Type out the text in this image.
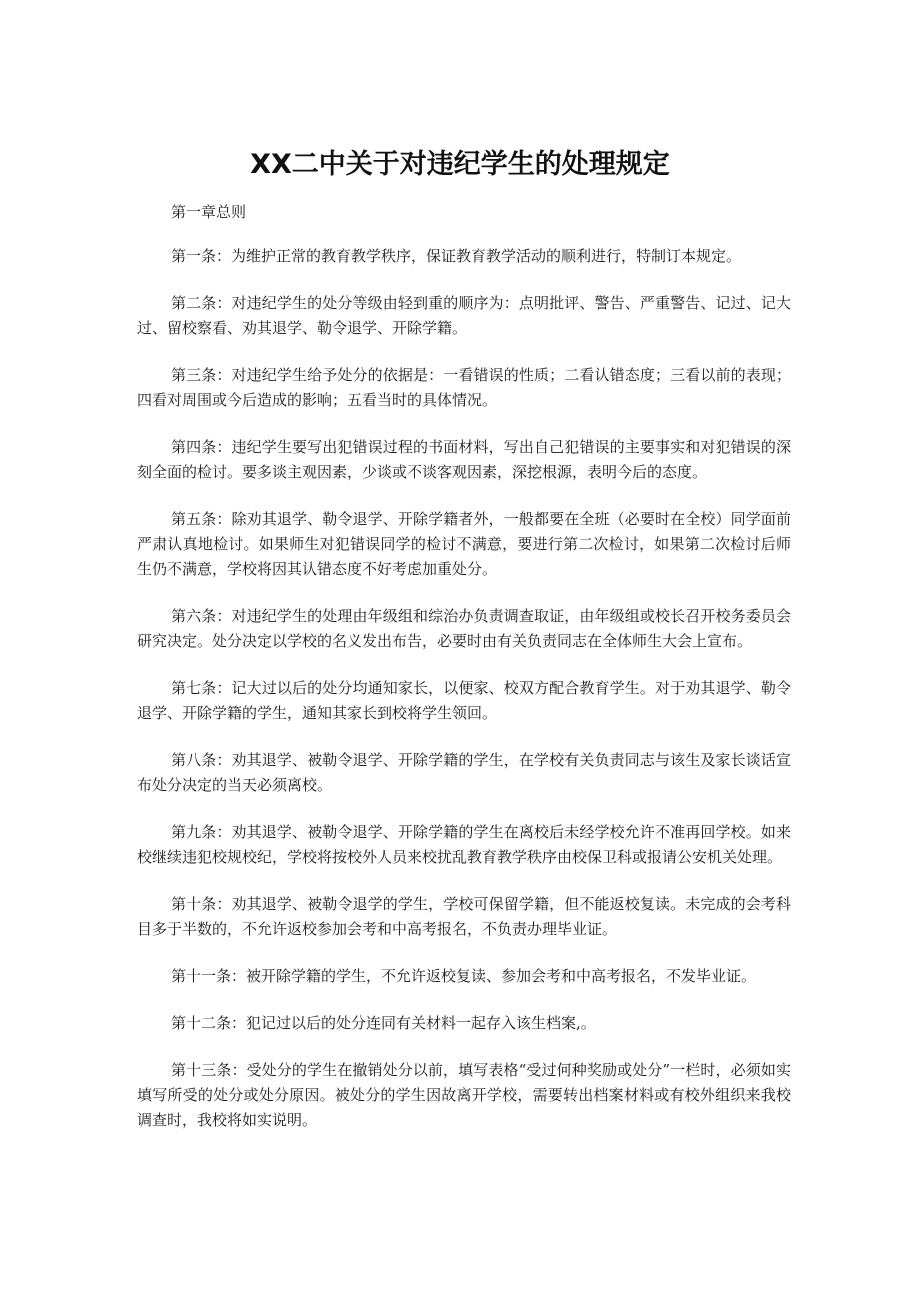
XX二中关于对违纪学生的处理规定

第一章总则

第一条：为维护正常的教育教学秩序，保证教育教学活动的顺利进行，特制订本规定。

第二条：对违纪学生的处分等级由轻到重的顺序为：点明批评、警告、严重警告、记过、记大过、留校察看、劝其退学、勒令退学、开除学籍。

第三条：对违纪学生给予处分的依据是：一看错误的性质；二看认错态度；三看以前的表现；四看对周围或今后造成的影响；五看当时的具体情况。

第四条：违纪学生要写出犯错误过程的书面材料，写出自己犯错误的主要事实和对犯错误的深刻全面的检讨。要多谈主观因素，少谈或不谈客观因素，深挖根源，表明今后的态度。

第五条：除劝其退学、勒令退学、开除学籍者外，一般都要在全班（必要时在全校）同学面前严肃认真地检讨。如果师生对犯错误同学的检讨不满意，要进行第二次检讨，如果第二次检讨后师生仍不满意，学校将因其认错态度不好考虑加重处分。

第六条：对违纪学生的处理由年级组和综治办负责调查取证，由年级组或校长召开校务委员会研究决定。处分决定以学校的名义发出布告，必要时由有关负责同志在全体师生大会上宣布。

第七条：记大过以后的处分均通知家长，以便家、校双方配合教育学生。对于劝其退学、勒令退学、开除学籍的学生，通知其家长到校将学生领回。

第八条：劝其退学、被勒令退学、开除学籍的学生，在学校有关负责同志与该生及家长谈话宣布处分决定的当天必须离校。

第九条：劝其退学、被勒令退学、开除学籍的学生在离校后未经学校允许不准再回学校。如来校继续违犯校规校纪，学校将按校外人员来校扰乱教育教学秩序由校保卫科或报请公安机关处理。

第十条：劝其退学、被勒令退学的学生，学校可保留学籍，但不能返校复读。未完成的会考科目多于半数的，不允许返校参加会考和中高考报名，不负责办理毕业证。

第十一条：被开除学籍的学生，不允许返校复读、参加会考和中高考报名，不发毕业证。

第十二条：犯记过以后的处分连同有关材料一起存入该生档案,。

第十三条：受处分的学生在撤销处分以前，填写表格“受过何种奖励或处分”一栏时，必须如实填写所受的处分或处分原因。被处分的学生因故离开学校，需要转出档案材料或有校外组织来我校调查时，我校将如实说明。
